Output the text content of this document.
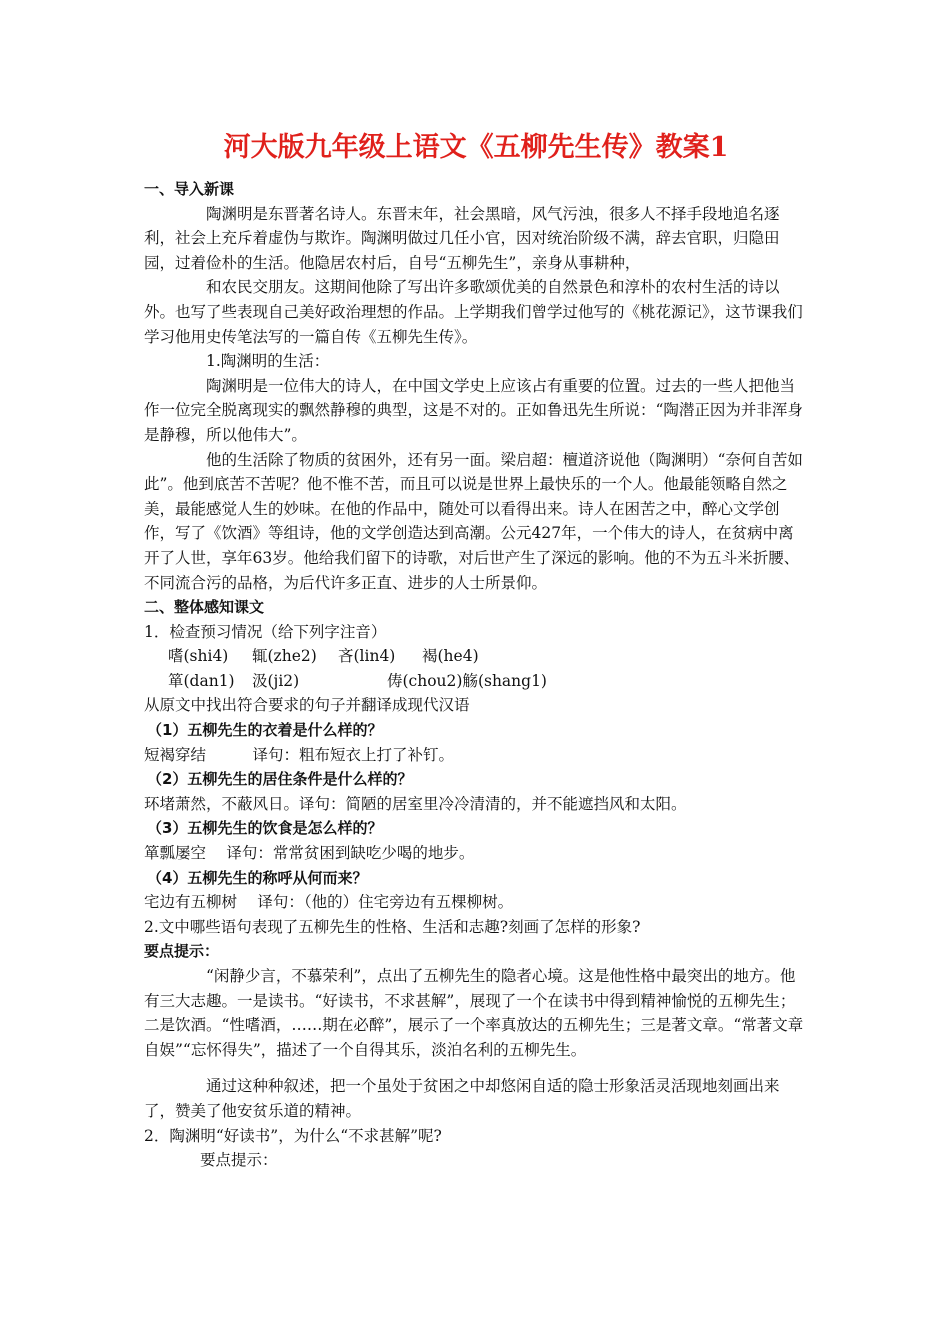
河大版九年级上语文《五柳先生传》教案1

一、导入新课

陶渊明是东晋著名诗人。东晋末年，社会黑暗，风气污浊，很多人不择手段地追名逐利，社会上充斥着虚伪与欺诈。陶渊明做过几任小官，因对统治阶级不满，辞去官职，归隐田园，过着俭朴的生活。他隐居农村后，自号“五柳先生”，亲身从事耕种，

和农民交朋友。这期间他除了写出许多歌颂优美的自然景色和淳朴的农村生活的诗以外。也写了些表现自己美好政治理想的作品。上学期我们曾学过他写的《桃花源记》，这节课我们学习他用史传笔法写的一篇自传《五柳先生传》。

1.陶渊明的生活：

陶渊明是一位伟大的诗人，在中国文学史上应该占有重要的位置。过去的一些人把他当作一位完全脱离现实的飘然静穆的典型，这是不对的。正如鲁迅先生所说：“陶潜正因为并非浑身是静穆，所以他伟大”。

他的生活除了物质的贫困外，还有另一面。梁启超：檀道济说他（陶渊明）“奈何自苦如此”。他到底苦不苦呢？他不惟不苦，而且可以说是世界上最快乐的一个人。他最能领略自然之美，最能感觉人生的妙味。在他的作品中，随处可以看得出来。诗人在困苦之中，醉心文学创作，写了《饮酒》等组诗，他的文学创造达到高潮。公元427年，一个伟大的诗人，在贫病中离开了人世，享年63岁。他给我们留下的诗歌，对后世产生了深远的影响。他的不为五斗米折腰、不同流合污的品格，为后代许多正直、进步的人士所景仰。

二、整体感知课文

1．检查预习情况（给下列字注音）

嗜(shi4)	辄(zhe2)	吝(lin4)	褐(he4)
箪(dan1)	汲(ji2)	俦(chou2) 觞(shang1)

从原文中找出符合要求的句子并翻译成现代汉语

（1）五柳先生的衣着是什么样的？

短褐穿结　　　译句：粗布短衣上打了补钉。

（2）五柳先生的居住条件是什么样的？

环堵萧然，不蔽风日。译句：简陋的居室里冷冷清清的，并不能遮挡风和太阳。

（3）五柳先生的饮食是怎么样的？

箪瓢屡空　 译句：常常贫困到缺吃少喝的地步。

（4）五柳先生的称呼从何而来？

宅边有五柳树　 译句：（他的）住宅旁边有五棵柳树。

2.文中哪些语句表现了五柳先生的性格、生活和志趣?刻画了怎样的形象?

要点提示：

“闲静少言，不慕荣利”，点出了五柳先生的隐者心境。这是他性格中最突出的地方。他有三大志趣。一是读书。“好读书，不求甚解”，展现了一个在读书中得到精神愉悦的五柳先生；二是饮酒。“性嗜酒，……期在必醉”，展示了一个率真放达的五柳先生；三是著文章。“常著文章自娱”“忘怀得失”，描述了一个自得其乐，淡泊名利的五柳先生。

通过这种种叙述，把一个虽处于贫困之中却悠闲自适的隐士形象活灵活现地刻画出来了，赞美了他安贫乐道的精神。

2．陶渊明“好读书”，为什么“不求甚解”呢?

要点提示：
